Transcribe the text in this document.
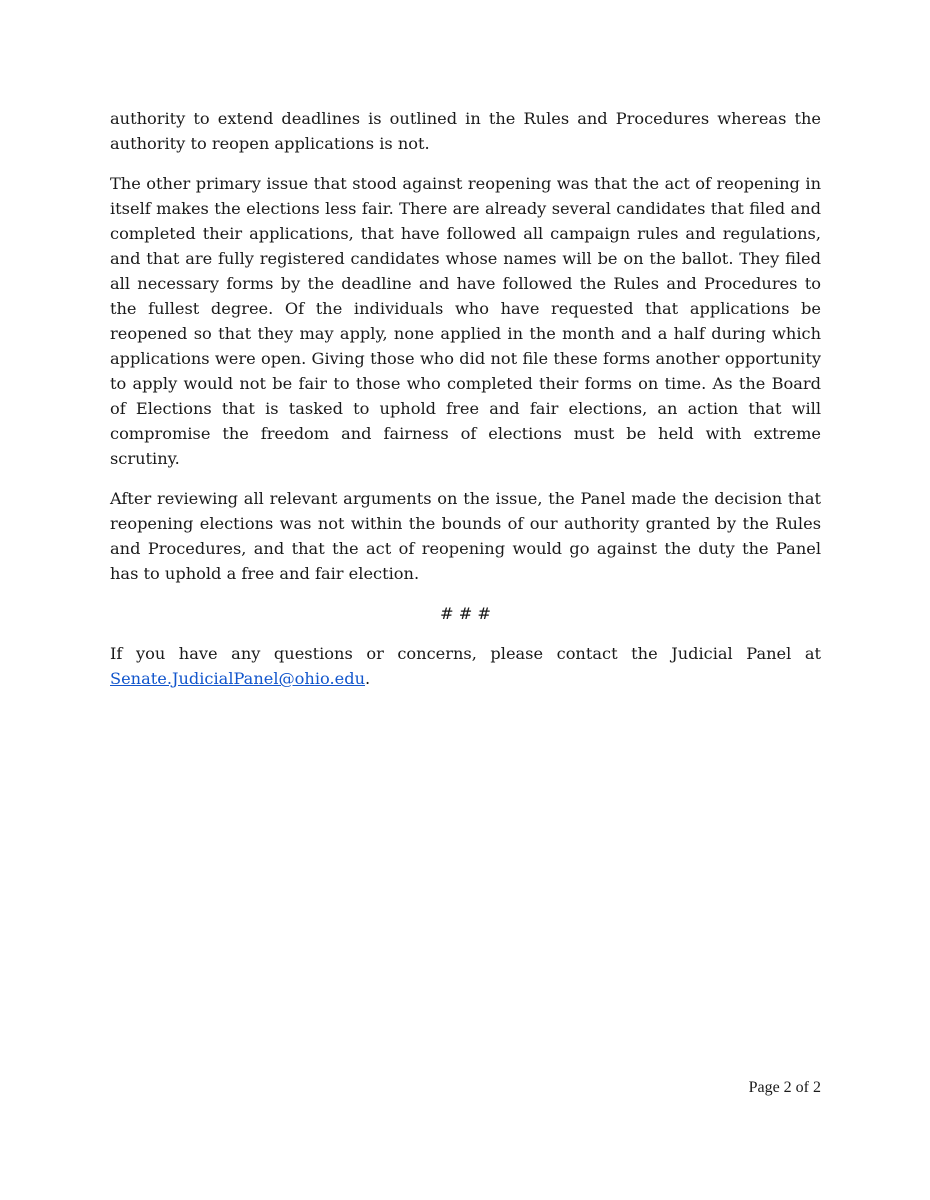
authority to extend deadlines is outlined in the Rules and Procedures whereas the authority to reopen applications is not.

The other primary issue that stood against reopening was that the act of reopening in itself makes the elections less fair. There are already several candidates that filed and completed their applications, that have followed all campaign rules and regulations, and that are fully registered candidates whose names will be on the ballot. They filed all necessary forms by the deadline and have followed the Rules and Procedures to the fullest degree. Of the individuals who have requested that applications be reopened so that they may apply, none applied in the month and a half during which applications were open. Giving those who did not file these forms another opportunity to apply would not be fair to those who completed their forms on time. As the Board of Elections that is tasked to uphold free and fair elections, an action that will compromise the freedom and fairness of elections must be held with extreme scrutiny.

After reviewing all relevant arguments on the issue, the Panel made the decision that reopening elections was not within the bounds of our authority granted by the Rules and Procedures, and that the act of reopening would go against the duty the Panel has to uphold a free and fair election.

# # #

If you have any questions or concerns, please contact the Judicial Panel at

Senate.JudicialPanel@ohio.edu.

Page 2 of 2
